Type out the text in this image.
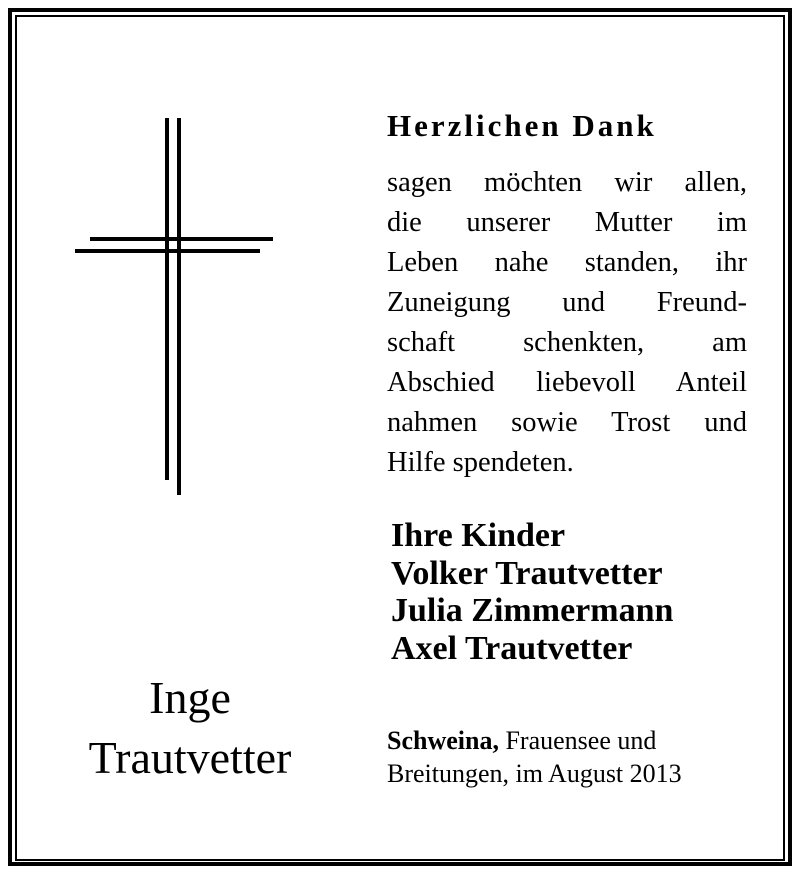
Inge
Trautvetter
Herzlichen Dank
sagen möchten wir allen,
die unserer Mutter im
Leben nahe standen, ihr
Zuneigung und Freund-
schaft schenkten, am
Abschied liebevoll Anteil
nahmen sowie Trost und
Hilfe spendeten.
Ihre Kinder
Volker Trautvetter
Julia Zimmermann
Axel Trautvetter
Schweina, Frauensee und
Breitungen, im August 2013
